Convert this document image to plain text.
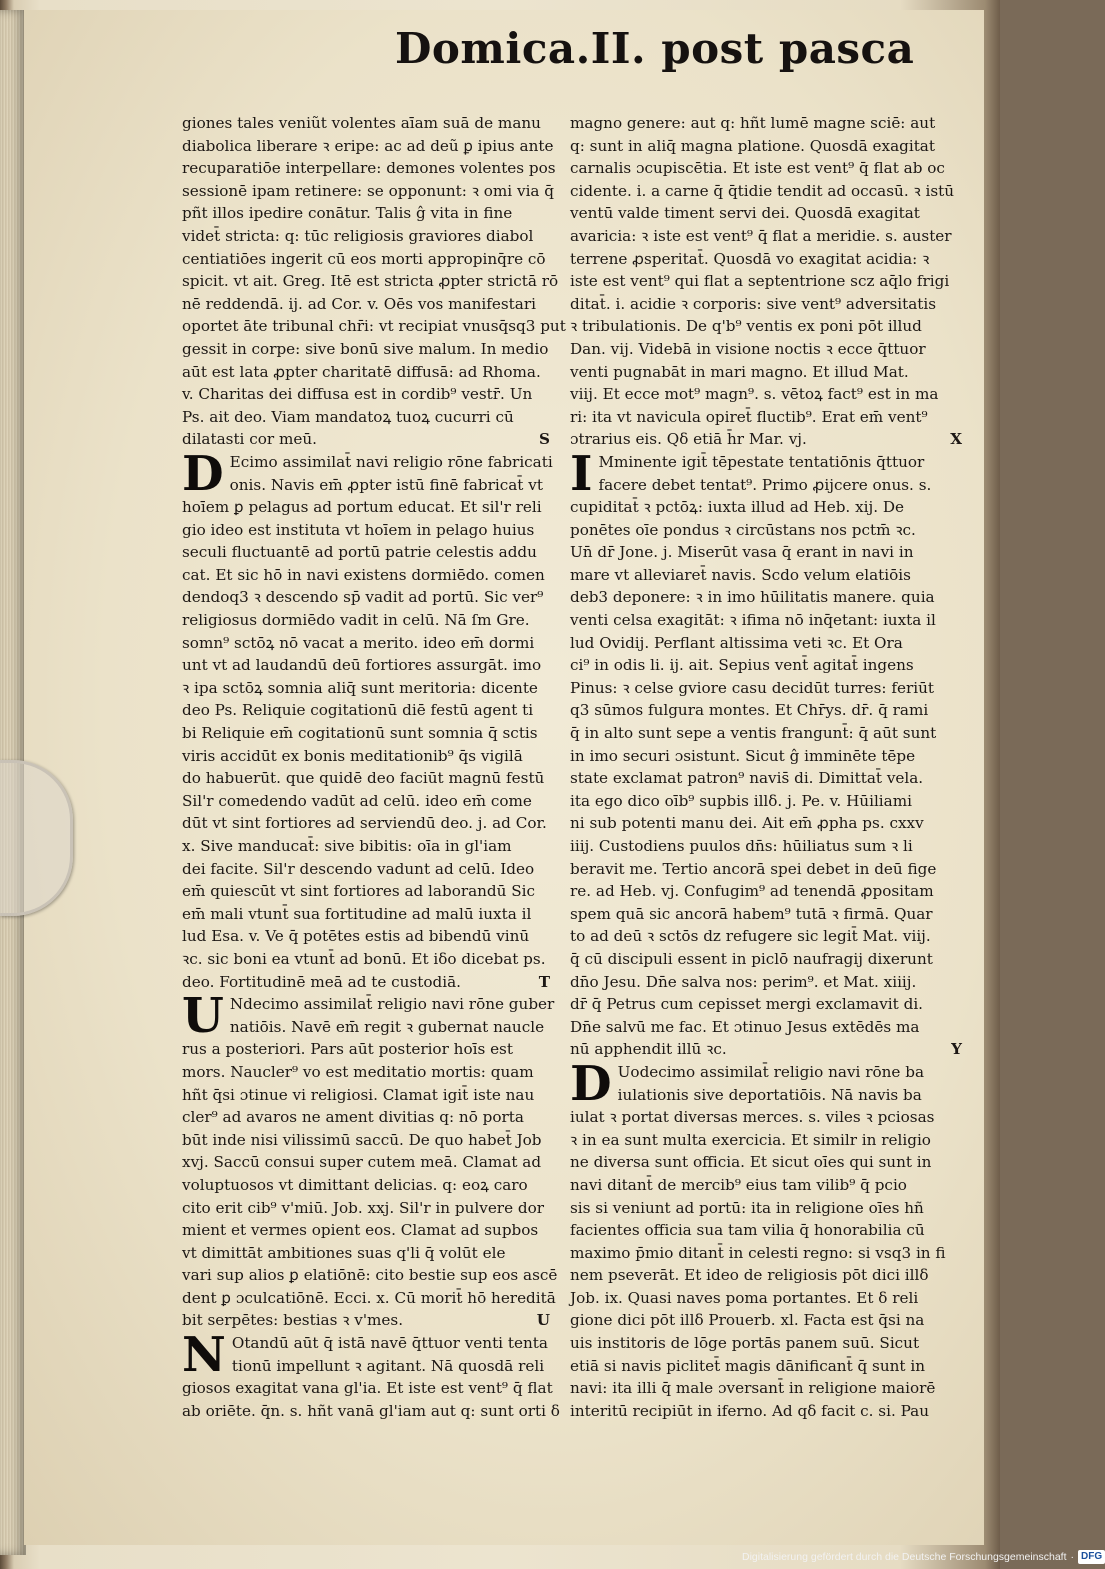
Domica.II. post pasca
giones tales veniũt volentes aīam suā de manu
diabolica liberare ꝛ eripe: ac ad deũ ꝑ ipius ante
recuparatiōe interpellare: demones volentes pos
sessionē ipam retinere: se opponunt: ꝛ omi via q̄
pñt illos ipedire conātur. Talis ĝ vita in fine
videt̄ stricta: q: tūc religiosis graviores diabol
centiatiōes ingerit cū eos morti appropinq̄re cō
spicit. vt ait. Greg. Itē est stricta ꝓpter strictā rō
nē reddendā. ij. ad Cor. v. Oēs vos manifestari
oportet āte tribunal chr̄i: vt recipiat vnusq̄sq3 put
gessit in corpe: sive bonū sive malum. In medio
aūt est lata ꝓpter charitatē diffusā: ad Rhoma.
v. Charitas dei diffusa est in cordib⁹ vestr̄. Un
Ps. ait deo. Viam mandatoꝝ tuoꝝ cucurri cū
dilatasti cor meū.	S
D Ecimo assimilat̄ navi religio rōne fabricati
onis. Navis em̄ ꝓpter istū finē fabricat̄ vt
hoīem ꝑ pelagus ad portum educat. Et sil'r reli
gio ideo est instituta vt hoīem in pelago huius
seculi fluctuantē ad portū patrie celestis addu
cat. Et sic hō in navi existens dormiēdo. comen
dendoq3 ꝛ descendo sp̄ vadit ad portū. Sic ver⁹
religiosus dormiēdo vadit in celū. Nā ſm Gre.
somn⁹ sctōꝝ nō vacat a merito. ideo em̄ dormi
unt vt ad laudandū deū fortiores assurgāt. imo
ꝛ ipa sctōꝝ somnia aliq̄ sunt meritoria: dicente
deo Ps. Reliquie cogitationū diē festū agent ti
bi Reliquie em̄ cogitationū sunt somnia q̄ sctis
viris accidūt ex bonis meditationib⁹ q̄s vigilā
do habuerūt. que quidē deo faciūt magnū festū
Sil'r comedendo vadūt ad celū. ideo em̄ come
dūt vt sint fortiores ad serviendū deo. j. ad Cor.
x. Sive manducat̄: sive bibitis: oīa in gl'iam
dei facite. Sil'r descendo vadunt ad celū. Ideo
em̄ quiescūt vt sint fortiores ad laborandū Sic
em̄ mali vtunt̄ sua fortitudine ad malū iuxta il
lud Esa. v. Ve q̄ potētes estis ad bibendū vinū
ꝛc. sic boni ea vtunt̄ ad bonū. Et iδo dicebat ps.
deo. Fortitudinē meā ad te custodiā.	T
U Ndecimo assimilat̄ religio navi rōne guber
natiōis. Navē em̄ regit ꝛ gubernat naucle
rus a posteriori. Pars aūt posterior hoīs est
mors. Naucler⁹ vo est meditatio mortis: quam
hñt q̄si ɔtinue vi religiosi. Clamat igit̄ iste nau
cler⁹ ad avaros ne ament divitias q: nō porta
būt inde nisi vilissimū saccū. De quo habet̄ Job
xvj. Saccū consui super cutem meā. Clamat ad
voluptuosos vt dimittant delicias. q: eoꝝ caro
cito erit cib⁹ v'miū. Job. xxj. Sil'r in pulvere dor
mient et vermes opient eos. Clamat ad supbos
vt dimittāt ambitiones suas q'li q̄ volūt ele
vari sup alios ꝑ elatiōnē: cito bestie sup eos ascē
dent ꝑ ɔculcatiōnē. Ecci. x. Cū morit̄ hō hereditā
bit serpētes: bestias ꝛ v'mes.	U
N Otandū aūt q̄ istā navē q̄ttuor venti tenta
tionū impellunt ꝛ agitant. Nā quosdā reli
giosos exagitat vana gl'ia. Et iste est vent⁹ q̄ flat
ab oriēte. q̄n. s. hñt vanā gl'iam aut q: sunt orti δ
magno genere: aut q: hñt lumē magne sciē: aut
q: sunt in aliq̄ magna platione. Quosdā exagitat
carnalis ɔcupiscētia. Et iste est vent⁹ q̄ flat ab oc
cidente. i. a carne q̄ q̄tidie tendit ad occasū. ꝛ istū
ventū valde timent servi dei. Quosdā exagitat
avaricia: ꝛ iste est vent⁹ q̄ flat a meridie. s. auster
terrene ꝓsperitat̄. Quosdā vo exagitat acidia: ꝛ
iste est vent⁹ qui flat a septentrione scz aq̄lo frigi
ditat̄. i. acidie ꝛ corporis: sive vent⁹ adversitatis
ꝛ tribulationis. De q'b⁹ ventis ex poni pōt illud
Dan. vij. Videbā in visione noctis ꝛ ecce q̄ttuor
venti pugnabāt in mari magno. Et illud Mat.
viij. Et ecce mot⁹ magn⁹. s. vētoꝝ fact⁹ est in ma
ri: ita vt navicula opiret̄ fluctib⁹. Erat em̄ vent⁹
ɔtrarius eis. Qδ etiā h̄r Mar. vj.	X
I Mminente igit̄ tēpestate tentatiōnis q̄ttuor
facere debet tentat⁹. Primo ꝓijcere onus. s.
cupiditat̄ ꝛ pctōꝝ: iuxta illud ad Heb. xij. De
ponētes oīe pondus ꝛ circūstans nos pctm̄ ꝛc.
Un̄ dr̄ Jone. j. Miserūt vasa q̄ erant in navi in
mare vt alleviaret̄ navis. Scdo velum elatiōis
deb3 deponere: ꝛ in imo hūilitatis manere. quia
venti celsa exagitāt: ꝛ ifima nō inq̄etant: iuxta il
lud Ovidij. Perflant altissima veti ꝛc. Et Ora
ci⁹ in odis li. ij. ait. Sepius vent̄ agitat̄ ingens
Pinus: ꝛ celse gviore casu decidūt turres: feriūt
q3 sūmos fulgura montes. Et Chr̄ys. dr̄. q̄ rami
q̄ in alto sunt sepe a ventis frangunt̄: q̄ aūt sunt
in imo securi ɔsistunt. Sicut ĝ imminēte tēpe
state exclamat patron⁹ navis̄ di. Dimittat̄ vela.
ita ego dico oīb⁹ supbis illδ. j. Pe. v. Hūiliami
ni sub potenti manu dei. Ait em̄ ꝓpha ps. cxxv
iiij. Custodiens puulos dn̄s: hūiliatus sum ꝛ li
beravit me. Tertio ancorā spei debet in deū fige
re. ad Heb. vj. Confugim⁹ ad tenendā ꝓpositam
spem quā sic ancorā habem⁹ tutā ꝛ firmā. Quar
to ad deū ꝛ sctōs dz refugere sic legit̄ Mat. viij.
q̄ cū discipuli essent in piclō naufragij dixerunt
dn̄o Jesu. Dn̄e salva nos: perim⁹. et Mat. xiiij.
dr̄ q̄ Petrus cum cepisset mergi exclamavit di.
Dn̄e salvū me fac. Et ɔtinuo Jesus extēdēs ma
nū apphendit illū ꝛc.	Y
D Uodecimo assimilat̄ religio navi rōne ba
iulationis sive deportatiōis. Nā navis ba
iulat ꝛ portat diversas merces. s. viles ꝛ pciosas
ꝛ in ea sunt multa exercicia. Et similr in religio
ne diversa sunt officia. Et sicut oīes qui sunt in
navi ditant̄ de mercib⁹ eius tam vilib⁹ q̄ pcio
sis si veniunt ad portū: ita in religione oīes hñ
facientes officia sua tam vilia q̄ honorabilia cū
maximo p̄mio ditant̄ in celesti regno: si vsq3 in fi
nem pseverāt. Et ideo de religiosis pōt dici illδ
Job. ix. Quasi naves poma portantes. Et δ reli
gione dici pōt illδ Prouerb. xl. Facta est q̄si na
uis institoris de lōge portās panem suū. Sicut
etiā si navis piclitet̄ magis dānificant̄ q̄ sunt in
navi: ita illi q̄ male ɔversant̄ in religione maiorē
interitū recipiūt in iferno. Ad qδ facit c. si. Pau
Digitalisierung gefördert durch die Deutsche Forschungsgemeinschaft · DFG
